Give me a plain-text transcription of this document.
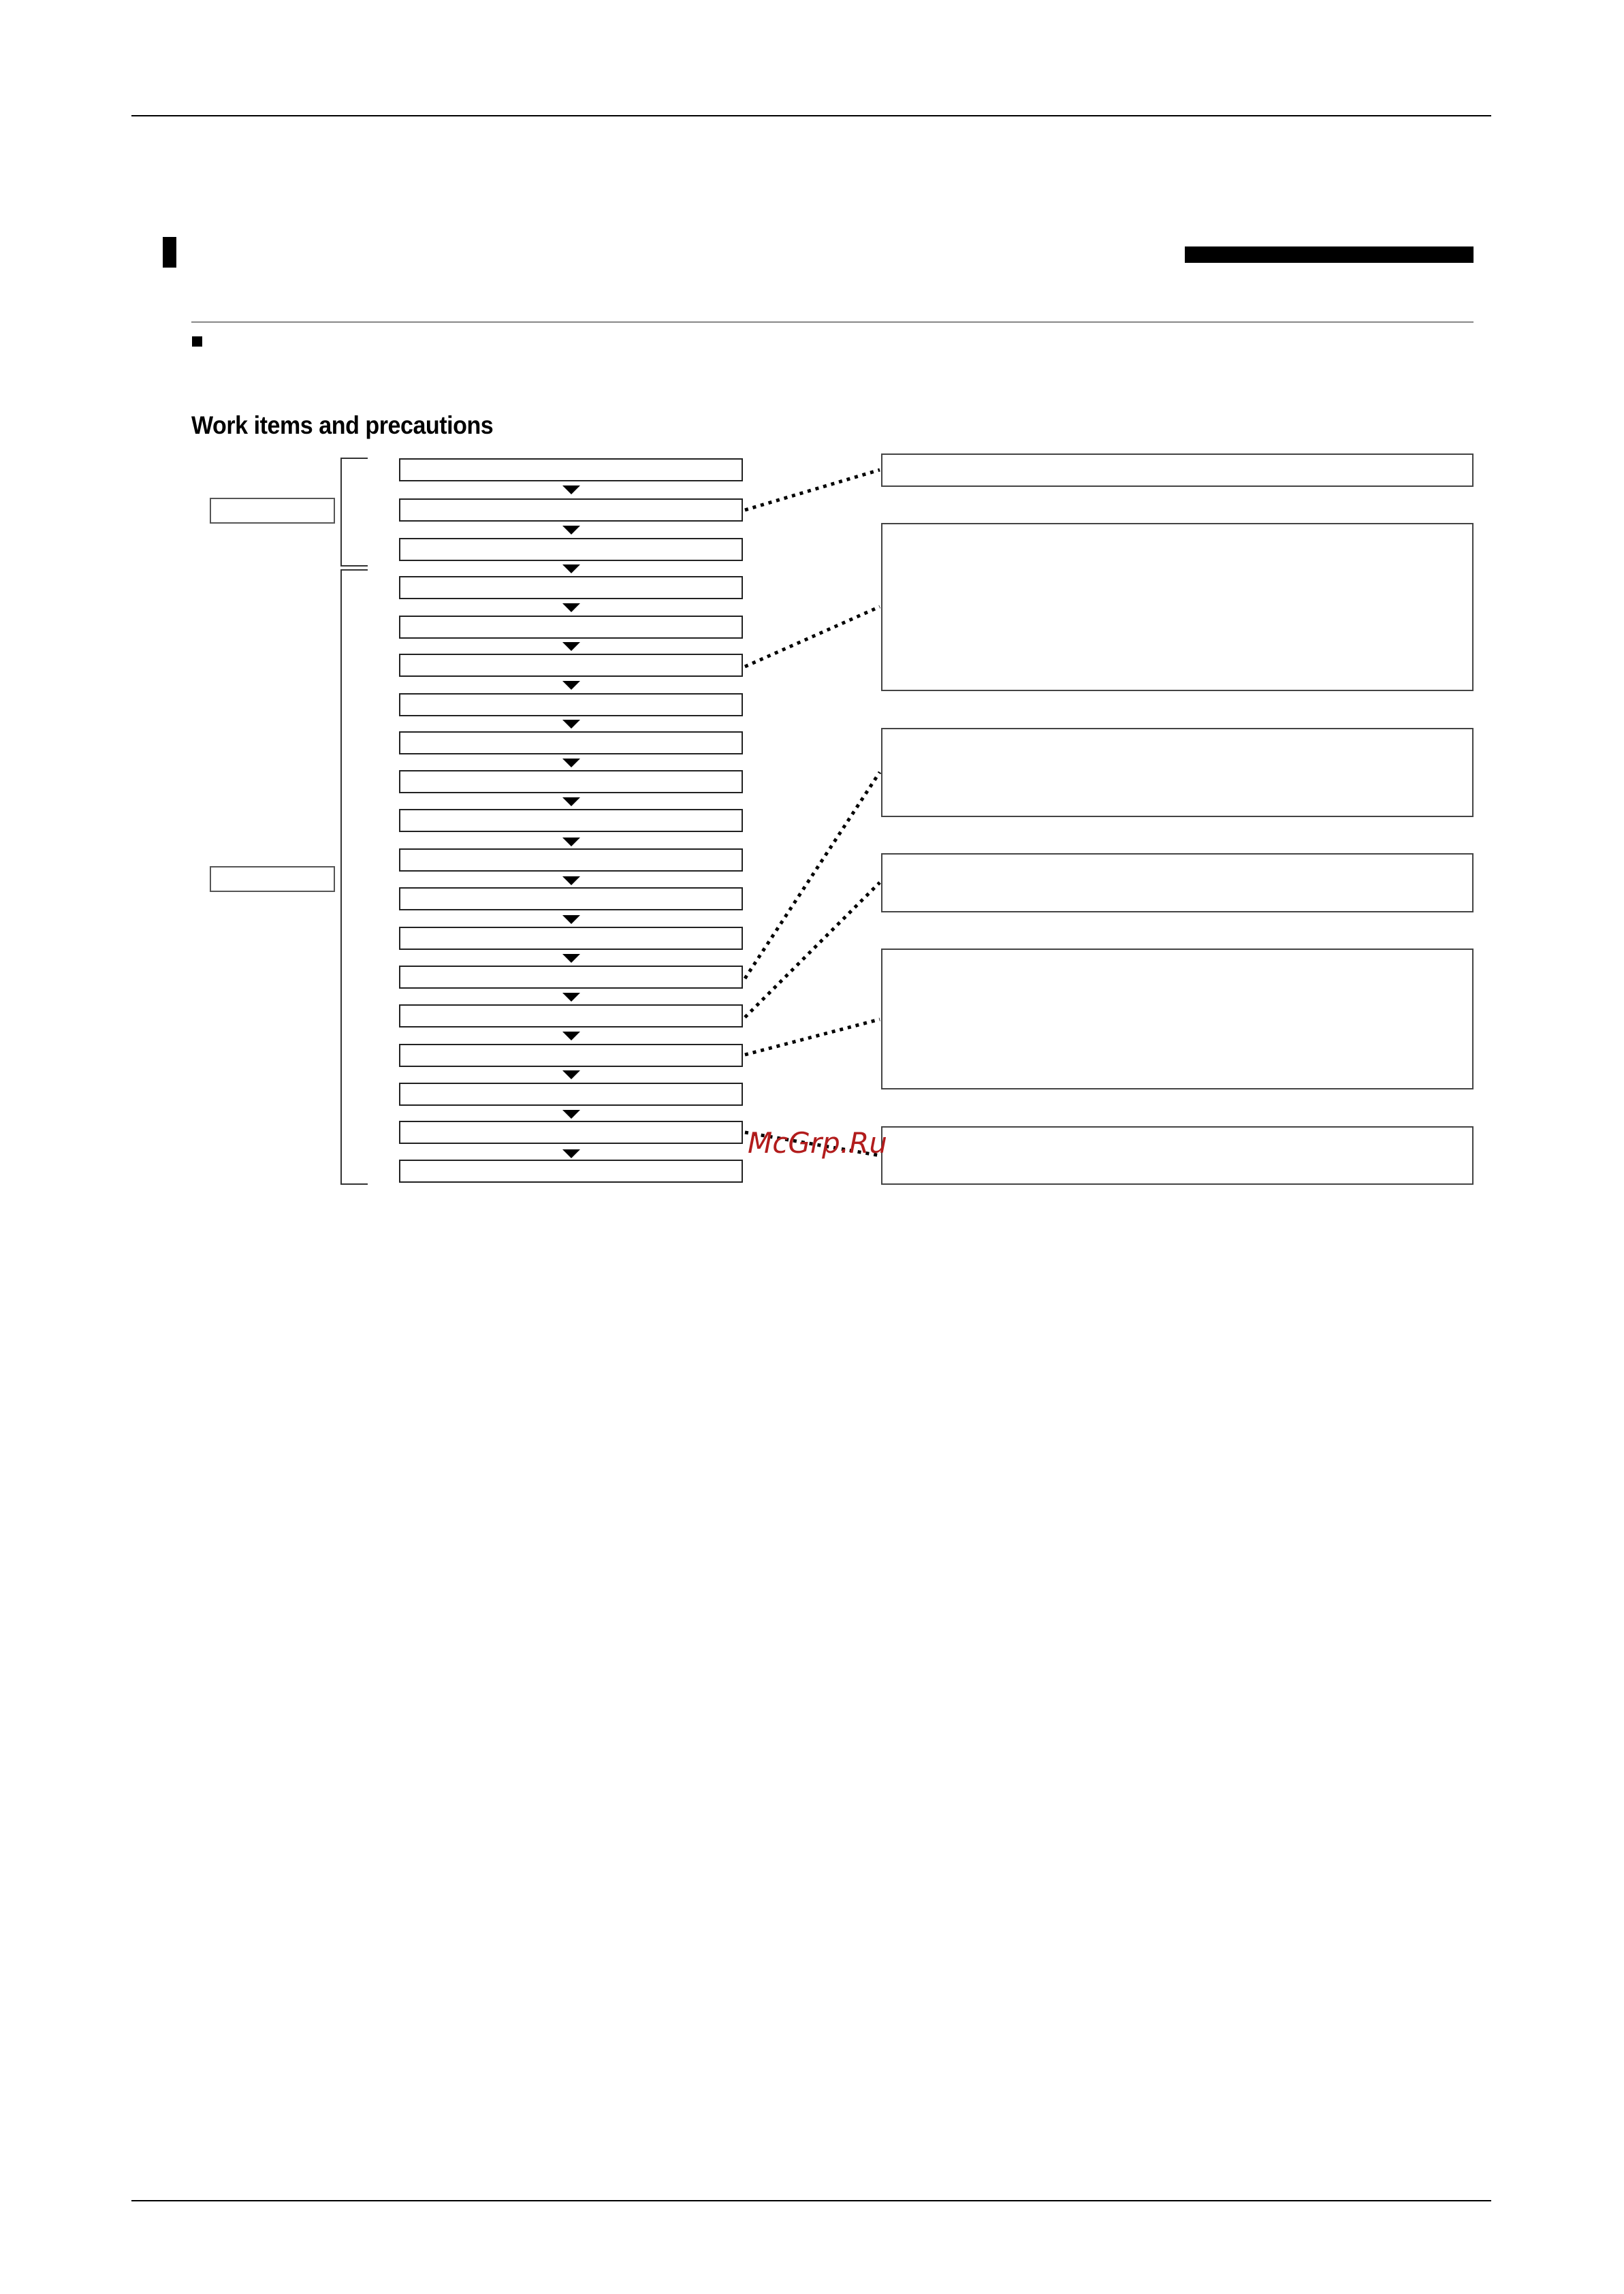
Work items and precautions
McGrp.Ru
